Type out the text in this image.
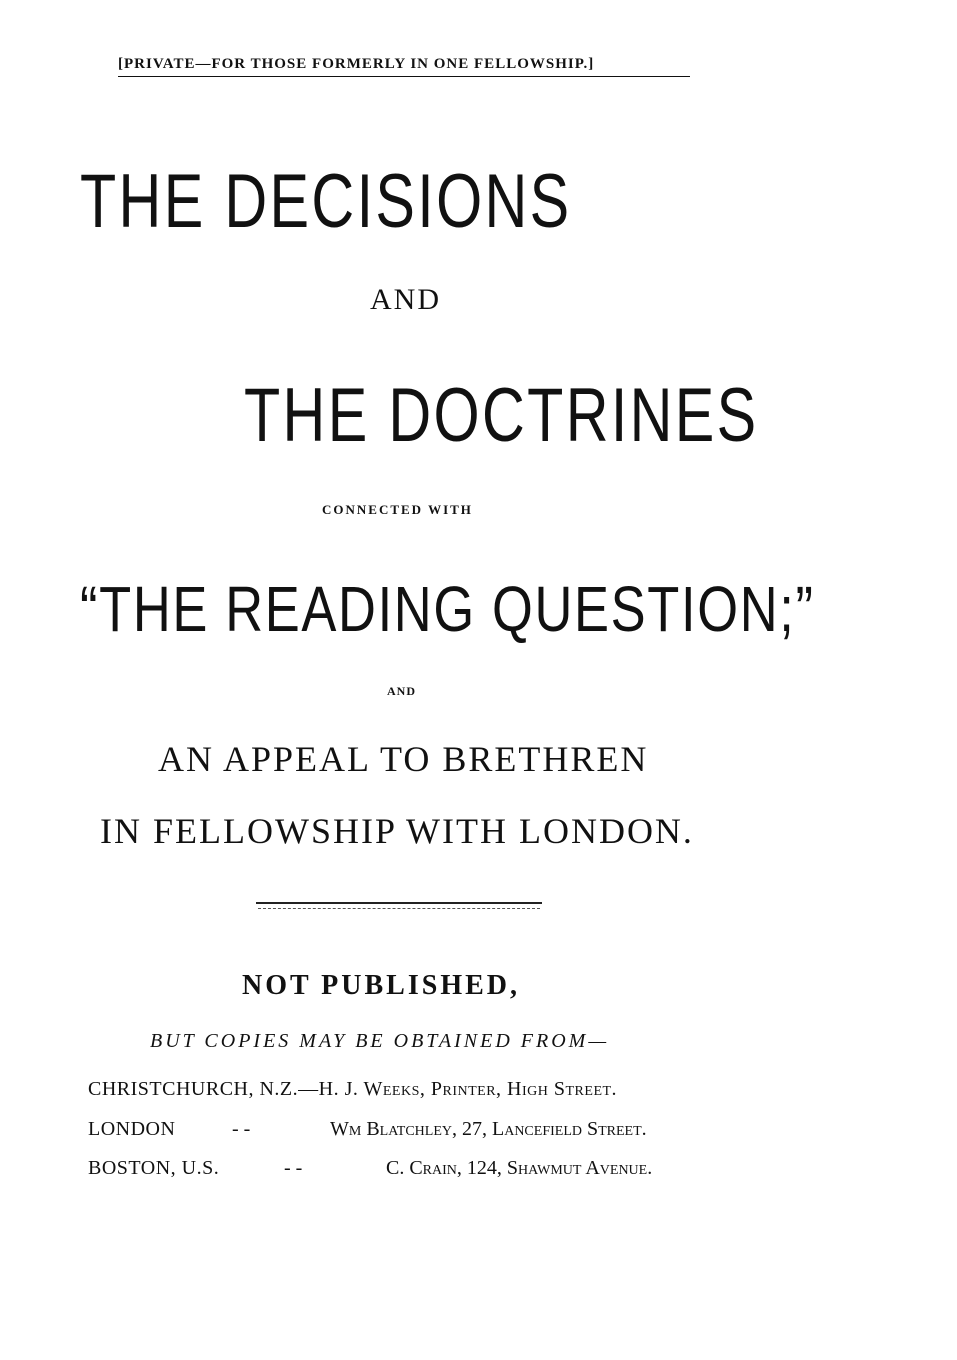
[PRIVATE—FOR THOSE FORMERLY IN ONE FELLOWSHIP.]
THE DECISIONS
AND
THE DOCTRINES
CONNECTED WITH
“THE READING QUESTION;”
AND
AN APPEAL TO BRETHREN
IN FELLOWSHIP WITH LONDON.
NOT PUBLISHED,
BUT COPIES MAY BE OBTAINED FROM—
CHRISTCHURCH, N.Z.—H. J. Weeks, Printer, High Street.
LONDON	- -	Wm Blatchley, 27, Lancefield Street.
BOSTON, U.S.	- -	C. Crain, 124, Shawmut Avenue.
